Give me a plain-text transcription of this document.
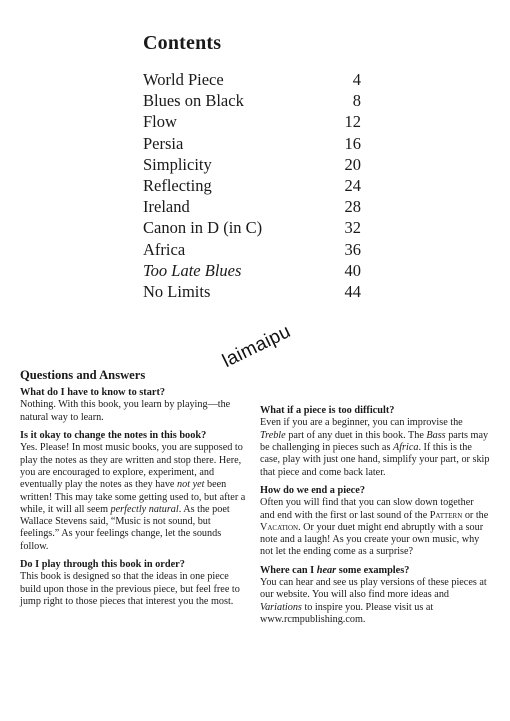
Contents
World Piece	4
Blues on Black	8
Flow	12
Persia	16
Simplicity	20
Reflecting	24
Ireland	28
Canon in D (in C)	32
Africa	36
Too Late Blues	40
No Limits	44
laimaipu
Questions and Answers

What do I have to know to start?

Nothing. With this book, you learn by playing—the natural way to learn.

Is it okay to change the notes in this book?

Yes. Please! In most music books, you are supposed to play the notes as they are written and stop there. Here, you are encouraged to explore, experiment, and eventually play the notes as they have not yet been written! This may take some getting used to, but after a while, it will all seem perfectly natural. As the poet Wallace Stevens said, “Music is not sound, but feelings.” As your feelings change, let the sounds follow.

Do I play through this book in order?

This book is designed so that the ideas in one piece build upon those in the previous piece, but feel free to jump right to those pieces that interest you the most.

What if a piece is too difficult?

Even if you are a beginner, you can improvise the Treble part of any duet in this book. The Bass parts may be challenging in pieces such as Africa. If this is the case, play with just one hand, simplify your part, or skip that piece and come back later.

How do we end a piece?

Often you will find that you can slow down together and end with the first or last sound of the Pattern or the Vacation. Or your duet might end abruptly with a sour note and a laugh! As you create your own music, why not let the ending come as a surprise?

Where can I hear some examples?

You can hear and see us play versions of these pieces at our website. You will also find more ideas and Variations to inspire you. Please visit us at www.rcmpublishing.com.
